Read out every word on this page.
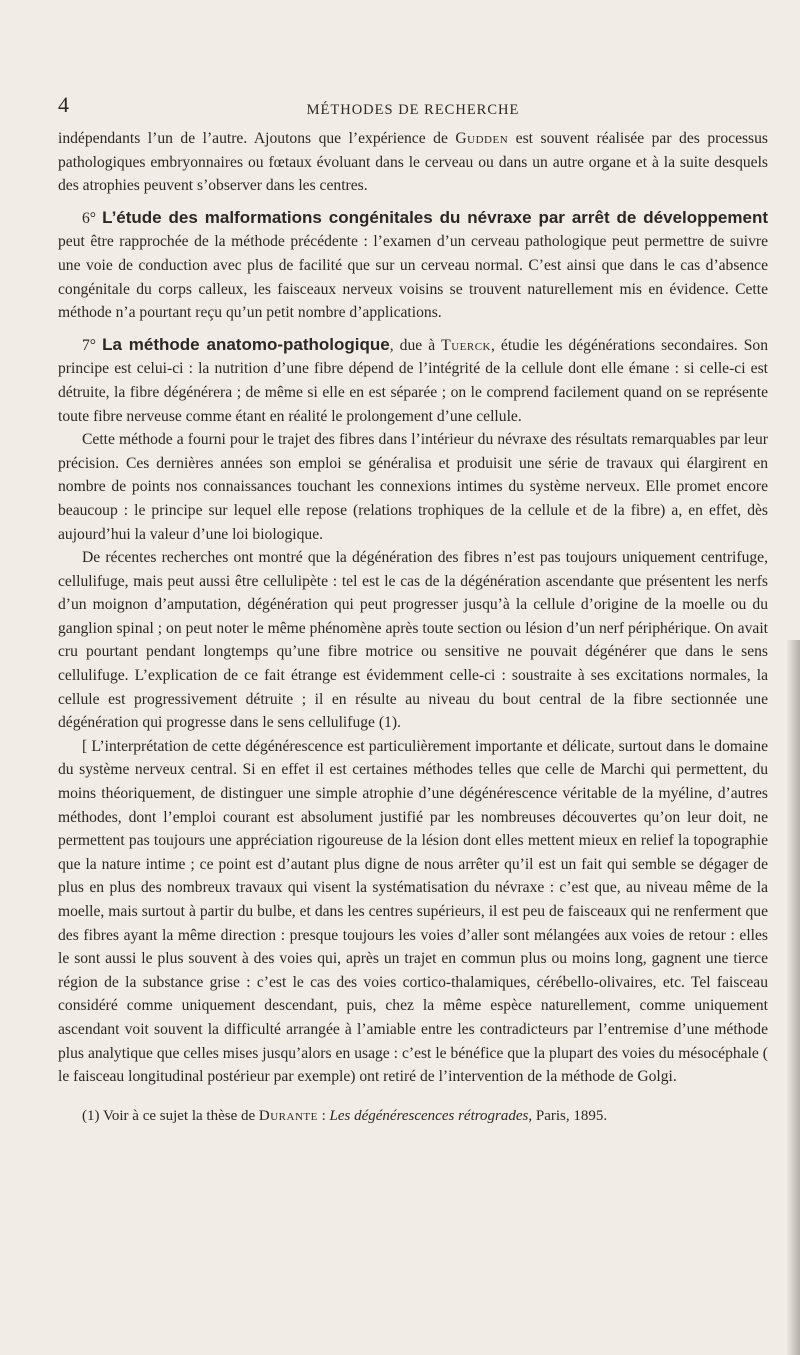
4	MÉTHODES DE RECHERCHE

indépendants l’un de l’autre. Ajoutons que l’expérience de Gudden est souvent réalisée par des processus pathologiques embryonnaires ou fœtaux évoluant dans le cerveau ou dans un autre organe et à la suite desquels des atrophies peuvent s’observer dans les centres.

6° L’étude des malformations congénitales du névraxe par arrêt de développement peut être rapprochée de la méthode précédente : l’examen d’un cerveau pathologique peut permettre de suivre une voie de conduction avec plus de facilité que sur un cerveau normal. C’est ainsi que dans le cas d’absence congénitale du corps calleux, les faisceaux nerveux voisins se trouvent naturellement mis en évidence. Cette méthode n’a pourtant reçu qu’un petit nombre d’applications.

7° La méthode anatomo-pathologique, due à Tuerck, étudie les dégénérations secondaires. Son principe est celui-ci : la nutrition d’une fibre dépend de l’intégrité de la cellule dont elle émane : si celle-ci est détruite, la fibre dégénérera ; de même si elle en est séparée ; on le comprend facilement quand on se représente toute fibre nerveuse comme étant en réalité le prolongement d’une cellule.

Cette méthode a fourni pour le trajet des fibres dans l’intérieur du névraxe des résultats remarquables par leur précision. Ces dernières années son emploi se généralisa et produisit une série de travaux qui élargirent en nombre de points nos connaissances touchant les connexions intimes du système nerveux. Elle promet encore beaucoup : le principe sur lequel elle repose (relations trophiques de la cellule et de la fibre) a, en effet, dès aujourd’hui la valeur d’une loi biologique.

De récentes recherches ont montré que la dégénération des fibres n’est pas toujours uniquement centrifuge, cellulifuge, mais peut aussi être cellulipète : tel est le cas de la dégénération ascendante que présentent les nerfs d’un moignon d’amputation, dégénération qui peut progresser jusqu’à la cellule d’origine de la moelle ou du ganglion spinal ; on peut noter le même phénomène après toute section ou lésion d’un nerf périphérique. On avait cru pourtant pendant longtemps qu’une fibre motrice ou sensitive ne pouvait dégénérer que dans le sens cellulifuge. L’explication de ce fait étrange est évidemment celle-ci : soustraite à ses excitations normales, la cellule est progressivement détruite ; il en résulte au niveau du bout central de la fibre sectionnée une dégénération qui progresse dans le sens cellulifuge (1).

[ L’interprétation de cette dégénérescence est particulièrement importante et délicate, surtout dans le domaine du système nerveux central. Si en effet il est certaines méthodes telles que celle de Marchi qui permettent, du moins théoriquement, de distinguer une simple atrophie d’une dégénérescence véritable de la myéline, d’autres méthodes, dont l’emploi courant est absolument justifié par les nombreuses découvertes qu’on leur doit, ne permettent pas toujours une appréciation rigoureuse de la lésion dont elles mettent mieux en relief la topographie que la nature intime ; ce point est d’autant plus digne de nous arrêter qu’il est un fait qui semble se dégager de plus en plus des nombreux travaux qui visent la systématisation du névraxe : c’est que, au niveau même de la moelle, mais surtout à partir du bulbe, et dans les centres supérieurs, il est peu de faisceaux qui ne renferment que des fibres ayant la même direction : presque toujours les voies d’aller sont mélangées aux voies de retour : elles le sont aussi le plus souvent à des voies qui, après un trajet en commun plus ou moins long, gagnent une tierce région de la substance grise : c’est le cas des voies cortico-thalamiques, cérébello-olivaires, etc. Tel faisceau considéré comme uniquement descendant, puis, chez la même espèce naturellement, comme uniquement ascendant voit souvent la difficulté arrangée à l’amiable entre les contradicteurs par l’entremise d’une méthode plus analytique que celles mises jusqu’alors en usage : c’est le bénéfice que la plupart des voies du mésocéphale ( le faisceau longitudinal postérieur par exemple) ont retiré de l’intervention de la méthode de Golgi.

(1) Voir à ce sujet la thèse de Durante : Les dégénérescences rétrogrades, Paris, 1895.
